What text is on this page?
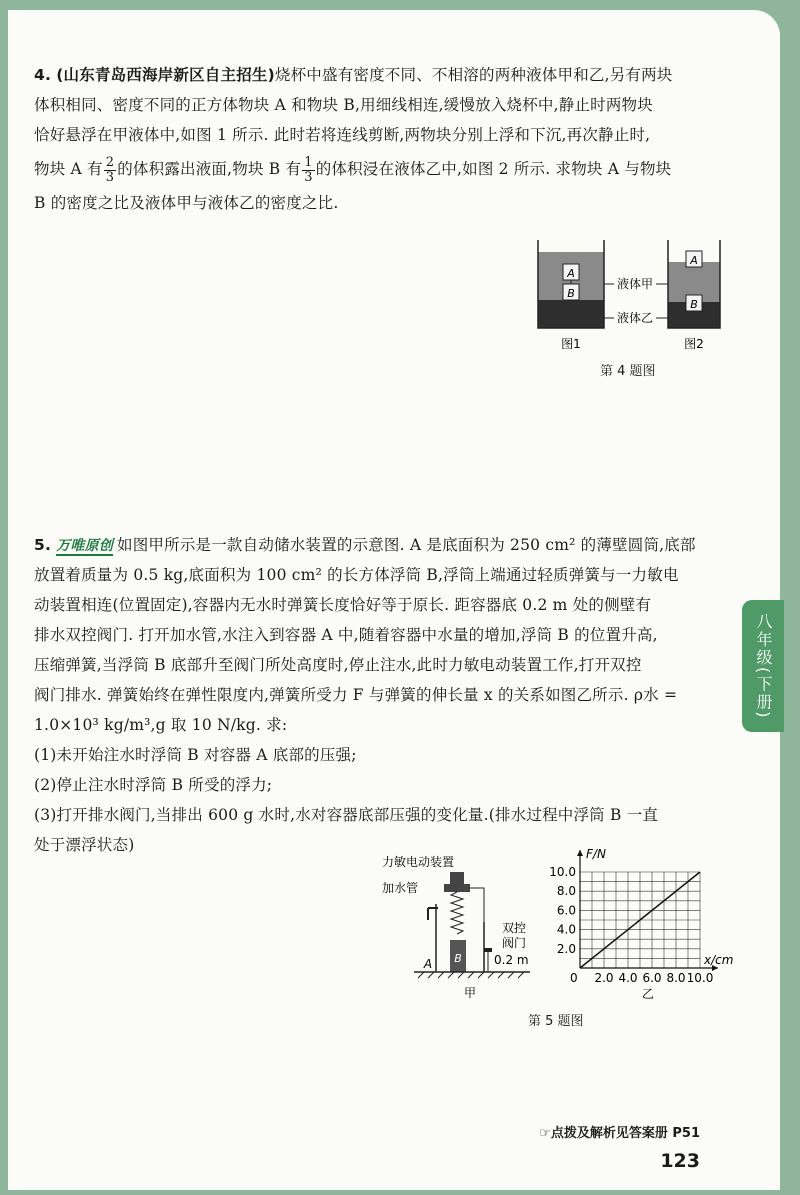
4. (山东青岛西海岸新区自主招生)烧杯中盛有密度不同、不相溶的两种液体甲和乙,另有两块
体积相同、密度不同的正方体物块 A 和物块 B,用细线相连,缓慢放入烧杯中,静止时两物块
恰好悬浮在甲液体中,如图 1 所示. 此时若将连线剪断,两物块分别上浮和下沉,再次静止时,
物块 A 有 $\frac{2}{3}$ 的体积露出液面,物块 B 有 $\frac{1}{3}$ 的体积浸在液体乙中,如图 2 所示. 求物块 A 与物块
B 的密度之比及液体甲与液体乙的密度之比.
A
B
A
B
液体甲
液体乙
图1	图2
第 4 题图
5. 万唯原创 如图甲所示是一款自动储水装置的示意图. A 是底面积为 250 cm² 的薄壁圆筒,底部
放置着质量为 0.5 kg,底面积为 100 cm² 的长方体浮筒 B,浮筒上端通过轻质弹簧与一力敏电
动装置相连(位置固定),容器内无水时弹簧长度恰好等于原长. 距容器底 0.2 m 处的侧壁有
排水双控阀门. 打开加水管,水注入到容器 A 中,随着容器中水量的增加,浮筒 B 的位置升高,
压缩弹簧,当浮筒 B 底部升至阀门所处高度时,停止注水,此时力敏电动装置工作,打开双控
阀门排水. 弹簧始终在弹性限度内,弹簧所受力 F 与弹簧的伸长量 x 的关系如图乙所示. ρ水 =
1.0×10³ kg/m³,g 取 10 N/kg. 求:
(1)未开始注水时浮筒 B 对容器 A 底部的压强;
(2)停止注水时浮筒 B 所受的浮力;
(3)打开排水阀门,当排出 600 g 水时,水对容器底部压强的变化量.(排水过程中浮筒 B 一直
处于漂浮状态)
力敏电动装置
加水管
B
A
双控
阀门
0.2 m
甲
2.0 4.0 6.0 8.0 10.0
2.0
4.0
6.0
8.0
10.0
F/N
x/cm
0
乙
第 5 题图
☞点拨及解析见答案册 P51
123
八年级(下册)
